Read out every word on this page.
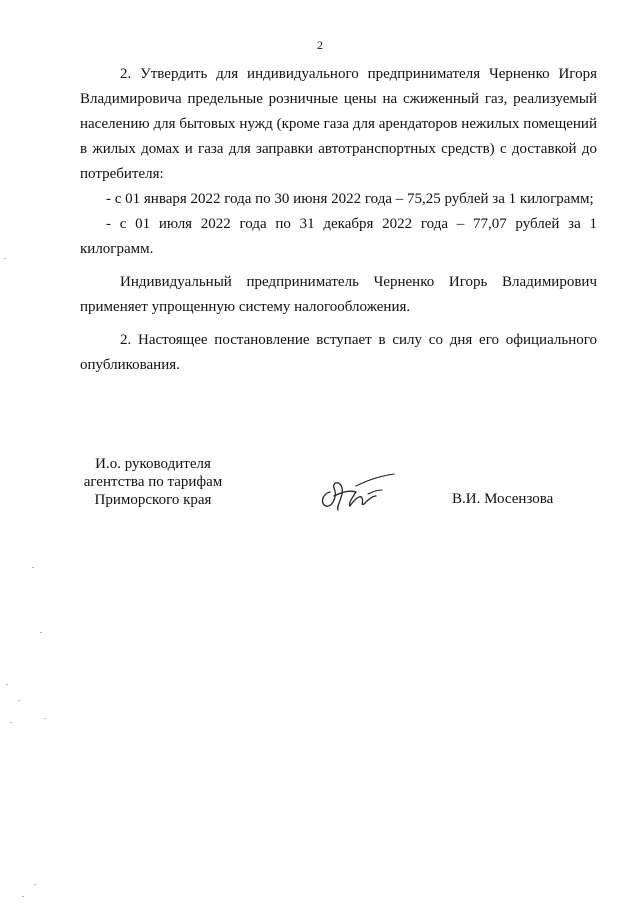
2

2. Утвердить для индивидуального предпринимателя Черненко Игоря Владимировича предельные розничные цены на сжиженный газ, реализуемый населению для бытовых нужд (кроме газа для арендаторов нежилых помещений в жилых домах и газа для заправки автотранспортных средств) с доставкой до потребителя:

- с 01 января 2022 года по 30 июня 2022 года – 75,25 рублей за 1 килограмм;

- с 01 июля 2022 года по 31 декабря 2022 года – 77,07 рублей за 1 килограмм.

Индивидуальный предприниматель Черненко Игорь Владимирович применяет упрощенную систему налогообложения.

2. Настоящее постановление вступает в силу со дня его официального опубликования.

И.о. руководителя
агентства по тарифам
Приморского края	В.И. Мосензова
